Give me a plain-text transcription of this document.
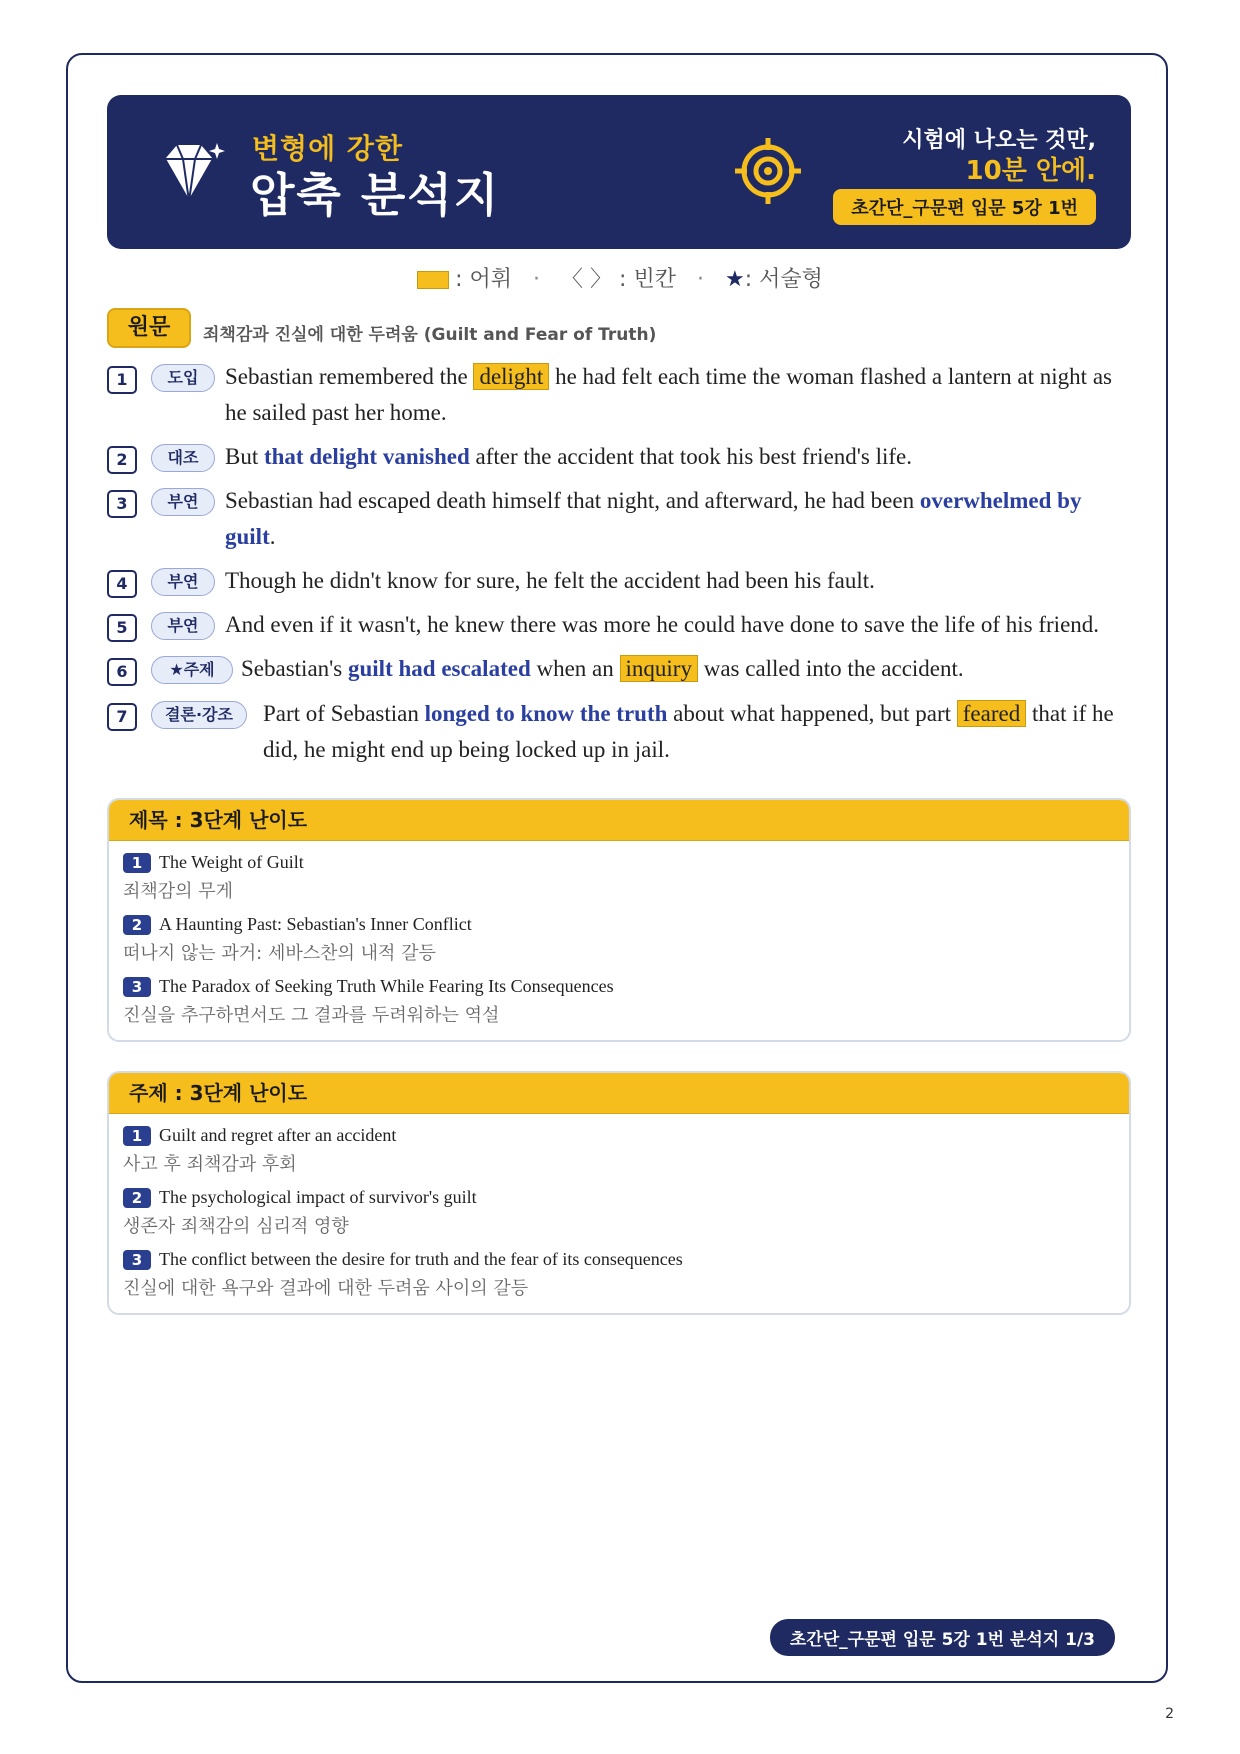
변형에 강한
압축 분석지
시험에 나오는 것만,
10분 안에.
초간단_구문편 입문 5강 1번
: 어휘 · 〈 〉 : 빈칸 · ★: 서술형
원문	죄책감과 진실에 대한 두려움 (Guilt and Fear of Truth)
1	도입	Sebastian remembered the delight he had felt each time the woman flashed a lantern at night as he sailed past her home.
2	대조	But that delight vanished after the accident that took his best friend's life.
3	부연	Sebastian had escaped death himself that night, and afterward, he had been overwhelmed by guilt.
4	부연	Though he didn't know for sure, he felt the accident had been his fault.
5	부연	And even if it wasn't, he knew there was more he could have done to save the life of his friend.
6	★주제	Sebastian's guilt had escalated when an inquiry was called into the accident.
7	결론·강조	Part of Sebastian longed to know the truth about what happened, but part feared that if he did, he might end up being locked up in jail.
제목 : 3단계 난이도
1 The Weight of Guilt
죄책감의 무게
2 A Haunting Past: Sebastian's Inner Conflict
떠나지 않는 과거: 세바스찬의 내적 갈등
3 The Paradox of Seeking Truth While Fearing Its Consequences
진실을 추구하면서도 그 결과를 두려워하는 역설
주제 : 3단계 난이도
1 Guilt and regret after an accident
사고 후 죄책감과 후회
2 The psychological impact of survivor's guilt
생존자 죄책감의 심리적 영향
3 The conflict between the desire for truth and the fear of its consequences
진실에 대한 욕구와 결과에 대한 두려움 사이의 갈등
초간단_구문편 입문 5강 1번 분석지 1/3
2
